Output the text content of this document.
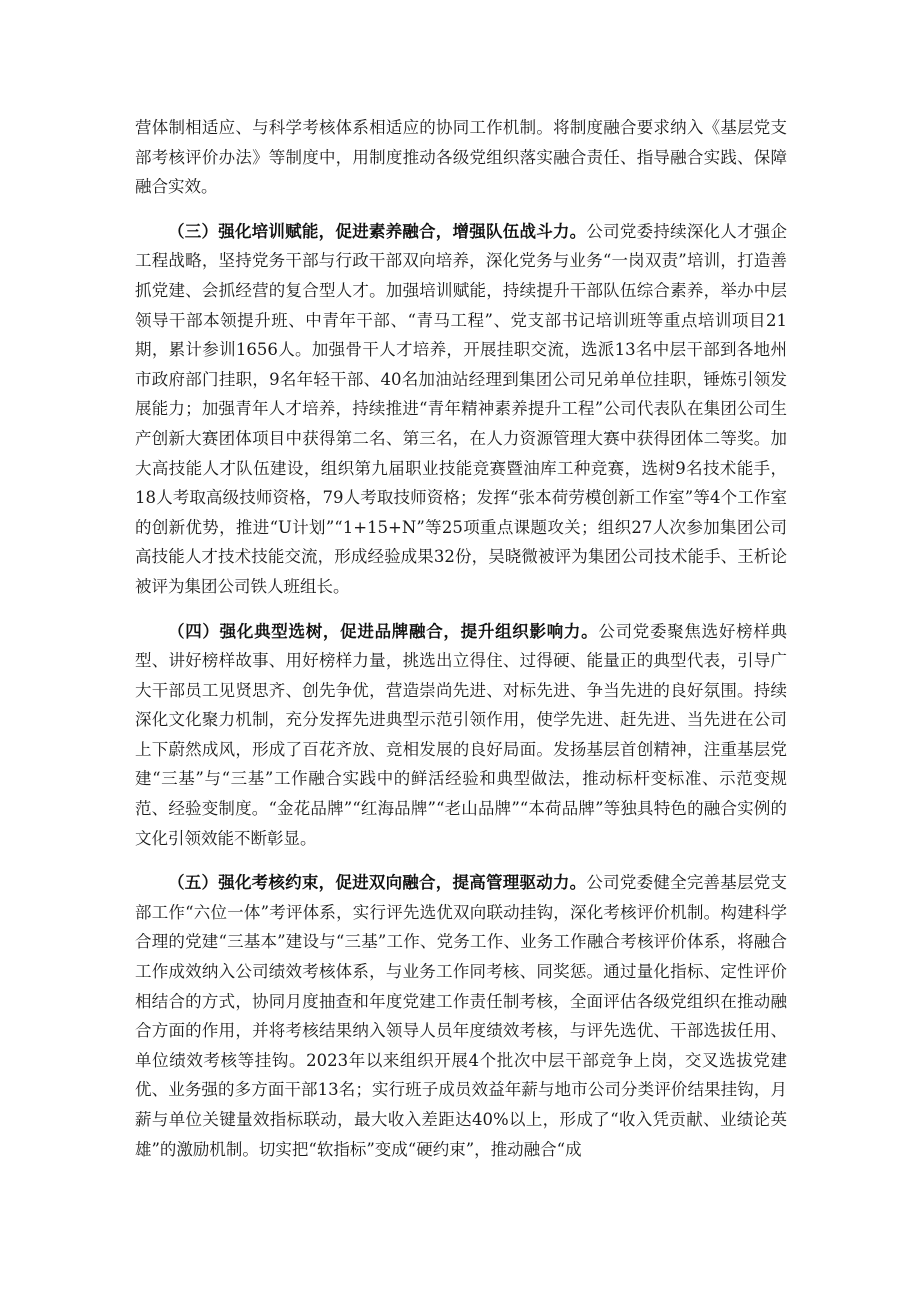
营体制相适应、与科学考核体系相适应的协同工作机制。将制度融合要求纳入《基层党支部考核评价办法》等制度中，用制度推动各级党组织落实融合责任、指导融合实践、保障融合实效。

（三）强化培训赋能，促进素养融合，增强队伍战斗力。公司党委持续深化人才强企工程战略，坚持党务干部与行政干部双向培养，深化党务与业务“一岗双责”培训，打造善抓党建、会抓经营的复合型人才。加强培训赋能，持续提升干部队伍综合素养，举办中层领导干部本领提升班、中青年干部、“青马工程”、党支部书记培训班等重点培训项目21期，累计参训1656人。加强骨干人才培养，开展挂职交流，选派13名中层干部到各地州市政府部门挂职，9名年轻干部、40名加油站经理到集团公司兄弟单位挂职，锤炼引领发展能力；加强青年人才培养，持续推进“青年精神素养提升工程”公司代表队在集团公司生产创新大赛团体项目中获得第二名、第三名，在人力资源管理大赛中获得团体二等奖。加大高技能人才队伍建设，组织第九届职业技能竞赛暨油库工种竞赛，选树9名技术能手，18人考取高级技师资格，79人考取技师资格；发挥“张本荷劳模创新工作室”等4个工作室的创新优势，推进“U计划”“1+15+N”等25项重点课题攻关；组织27人次参加集团公司高技能人才技术技能交流，形成经验成果32份，吴晓微被评为集团公司技术能手、王析论被评为集团公司铁人班组长。

（四）强化典型选树，促进品牌融合，提升组织影响力。公司党委聚焦选好榜样典型、讲好榜样故事、用好榜样力量，挑选出立得住、过得硬、能量正的典型代表，引导广大干部员工见贤思齐、创先争优，营造崇尚先进、对标先进、争当先进的良好氛围。持续深化文化聚力机制，充分发挥先进典型示范引领作用，使学先进、赶先进、当先进在公司上下蔚然成风，形成了百花齐放、竞相发展的良好局面。发扬基层首创精神，注重基层党建“三基”与“三基”工作融合实践中的鲜活经验和典型做法，推动标杆变标准、示范变规范、经验变制度。“金花品牌”“红海品牌”“老山品牌”“本荷品牌”等独具特色的融合实例的文化引领效能不断彰显。

（五）强化考核约束，促进双向融合，提高管理驱动力。公司党委健全完善基层党支部工作“六位一体”考评体系，实行评先选优双向联动挂钩，深化考核评价机制。构建科学合理的党建“三基本”建设与“三基”工作、党务工作、业务工作融合考核评价体系，将融合工作成效纳入公司绩效考核体系，与业务工作同考核、同奖惩。通过量化指标、定性评价相结合的方式，协同月度抽查和年度党建工作责任制考核，全面评估各级党组织在推动融合方面的作用，并将考核结果纳入领导人员年度绩效考核，与评先选优、干部选拔任用、单位绩效考核等挂钩。2023年以来组织开展4个批次中层干部竞争上岗，交叉选拔党建优、业务强的多方面干部13名；实行班子成员效益年薪与地市公司分类评价结果挂钩，月薪与单位关键量效指标联动，最大收入差距达40%以上，形成了“收入凭贡献、业绩论英雄”的激励机制。切实把“软指标”变成“硬约束”，推动融合“成
